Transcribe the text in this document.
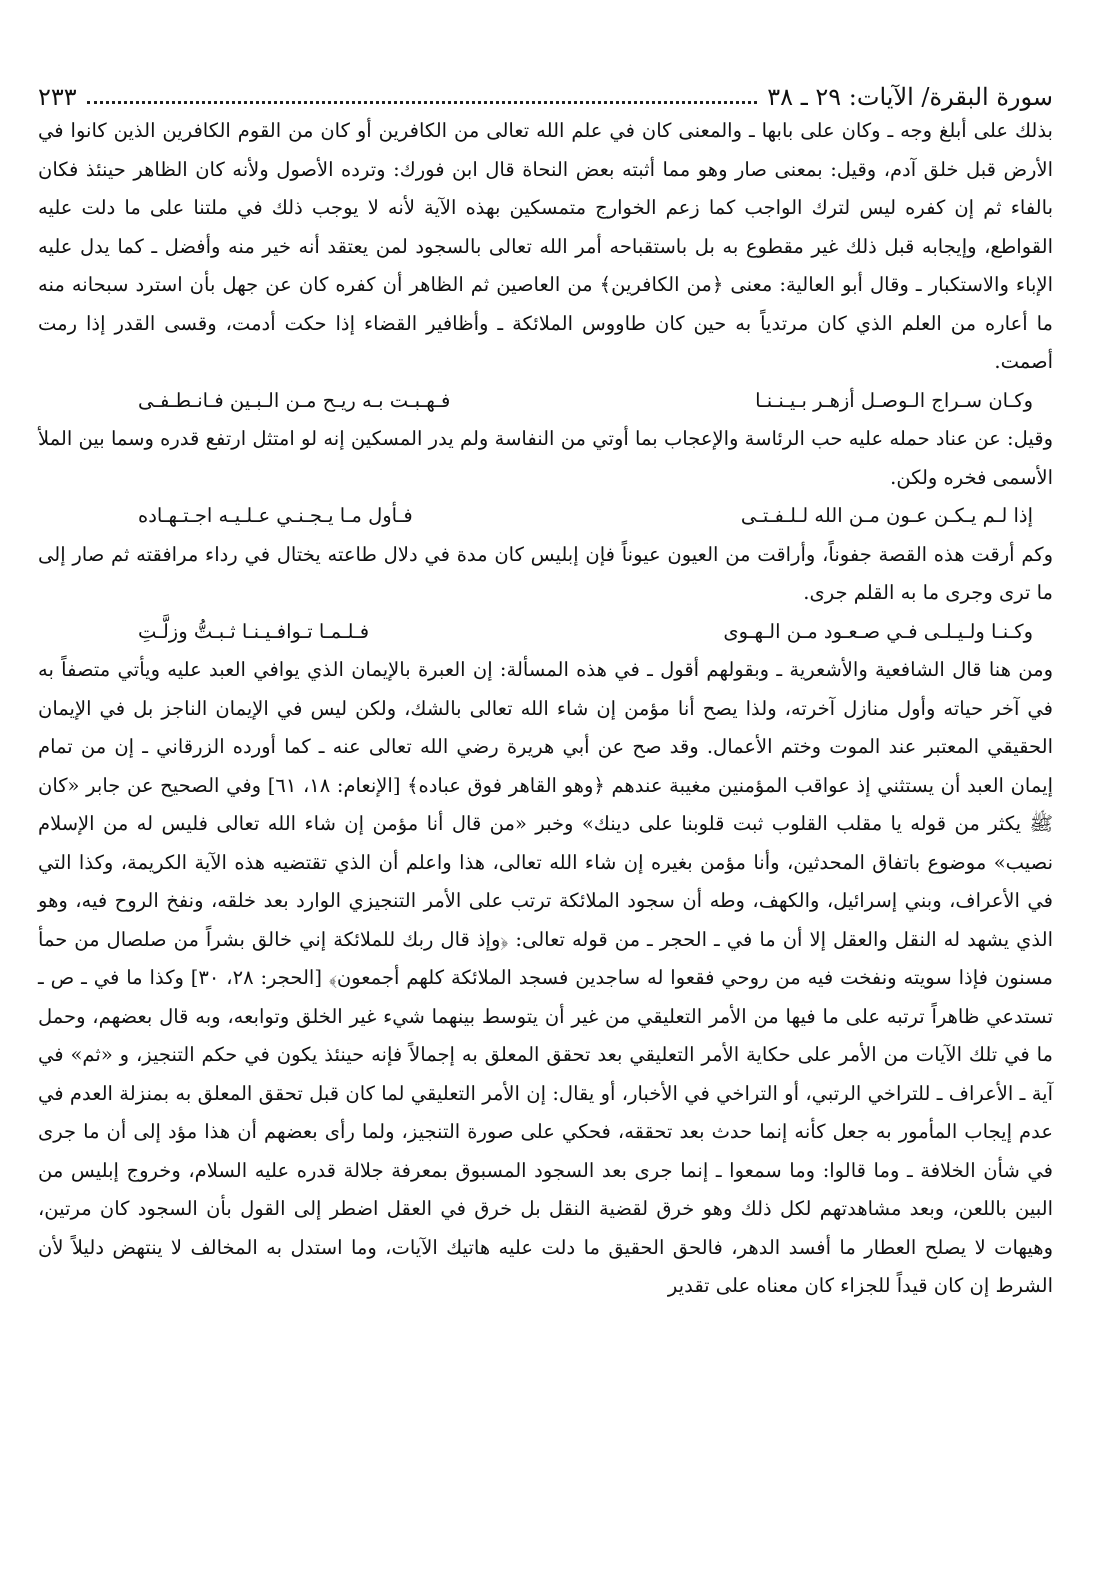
سورة البقرة/ الآيات: ٢٩ ـ ٣٨
٢٣٣

بذلك على أبلغ وجه ـ وكان على بابها ـ والمعنى كان في علم الله تعالى من الكافرين أو كان من القوم الكافرين الذين كانوا في الأرض قبل خلق آدم، وقيل: بمعنى صار وهو مما أثبته بعض النحاة قال ابن فورك: وترده الأصول ولأنه كان الظاهر حينئذ فكان بالفاء ثم إن كفره ليس لترك الواجب كما زعم الخوارج متمسكين بهذه الآية لأنه لا يوجب ذلك في ملتنا على ما دلت عليه القواطع، وإيجابه قبل ذلك غير مقطوع به بل باستقباحه أمر الله تعالى بالسجود لمن يعتقد أنه خير منه وأفضل ـ كما يدل عليه الإباء والاستكبار ـ وقال أبو العالية: معنى ﴿من الكافرين﴾ من العاصين ثم الظاهر أن كفره كان عن جهل بأن استرد سبحانه منه ما أعاره من العلم الذي كان مرتدياً به حين كان طاووس الملائكة ـ وأظافير القضاء إذا حكت أدمت، وقسى القدر إذا رمت أصمت.

وكـان سـراج الـوصـل أزهـر بـيـنـنـا
فـهـبـت بـه ريـح مـن الـبـين فـانـطـفـى

وقيل: عن عناد حمله عليه حب الرئاسة والإعجاب بما أوتي من النفاسة ولم يدر المسكين إنه لو امتثل ارتفع قدره وسما بين الملأ الأسمى فخره ولكن.

إذا لـم يـكـن عـون مـن الله لـلـفـتـى
فـأول مـا يـجـنـي عـلـيـه اجـتـهـاده

وكم أرقت هذه القصة جفوناً، وأراقت من العيون عيوناً فإن إبليس كان مدة في دلال طاعته يختال في رداء مرافقته ثم صار إلى ما ترى وجرى ما به القلم جرى.

وكـنـا ولـيـلـى فـي صـعـود مـن الـهـوى
فـلـمـا تـوافـيـنـا ثـبـتُّ وزلَّـتِ

ومن هنا قال الشافعية والأشعرية ـ وبقولهم أقول ـ في هذه المسألة: إن العبرة بالإيمان الذي يوافي العبد عليه ويأتي متصفاً به في آخر حياته وأول منازل آخرته، ولذا يصح أنا مؤمن إن شاء الله تعالى بالشك، ولكن ليس في الإيمان الناجز بل في الإيمان الحقيقي المعتبر عند الموت وختم الأعمال. وقد صح عن أبي هريرة رضي الله تعالى عنه ـ كما أورده الزرقاني ـ إن من تمام إيمان العبد أن يستثني إذ عواقب المؤمنين مغيبة عندهم ﴿وهو القاهر فوق عباده﴾ [الإنعام: ١٨، ٦١] وفي الصحيح عن جابر «كان ﷺ يكثر من قوله يا مقلب القلوب ثبت قلوبنا على دينك» وخبر «من قال أنا مؤمن إن شاء الله تعالى فليس له من الإسلام نصيب» موضوع باتفاق المحدثين، وأنا مؤمن بغيره إن شاء الله تعالى، هذا واعلم أن الذي تقتضيه هذه الآية الكريمة، وكذا التي في الأعراف، وبني إسرائيل، والكهف، وطه أن سجود الملائكة ترتب على الأمر التنجيزي الوارد بعد خلقه، ونفخ الروح فيه، وهو الذي يشهد له النقل والعقل إلا أن ما في ـ الحجر ـ من قوله تعالى: ﴿وإذ قال ربك للملائكة إني خالق بشراً من صلصال من حمأ مسنون فإذا سويته ونفخت فيه من روحي فقعوا له ساجدين فسجد الملائكة كلهم أجمعون﴾ [الحجر: ٢٨، ٣٠] وكذا ما في ـ ص ـ تستدعي ظاهراً ترتبه على ما فيها من الأمر التعليقي من غير أن يتوسط بينهما شيء غير الخلق وتوابعه، وبه قال بعضهم، وحمل ما في تلك الآيات من الأمر على حكاية الأمر التعليقي بعد تحقق المعلق به إجمالاً فإنه حينئذ يكون في حكم التنجيز، و «ثم» في آية ـ الأعراف ـ للتراخي الرتبي، أو التراخي في الأخبار، أو يقال: إن الأمر التعليقي لما كان قبل تحقق المعلق به بمنزلة العدم في عدم إيجاب المأمور به جعل كأنه إنما حدث بعد تحققه، فحكي على صورة التنجيز، ولما رأى بعضهم أن هذا مؤد إلى أن ما جرى في شأن الخلافة ـ وما قالوا: وما سمعوا ـ إنما جرى بعد السجود المسبوق بمعرفة جلالة قدره عليه السلام، وخروج إبليس من البين باللعن، وبعد مشاهدتهم لكل ذلك وهو خرق لقضية النقل بل خرق في العقل اضطر إلى القول بأن السجود كان مرتين، وهيهات لا يصلح العطار ما أفسد الدهر، فالحق الحقيق ما دلت عليه هاتيك الآيات، وما استدل به المخالف لا ينتهض دليلاً لأن الشرط إن كان قيداً للجزاء كان معناه على تقدير
